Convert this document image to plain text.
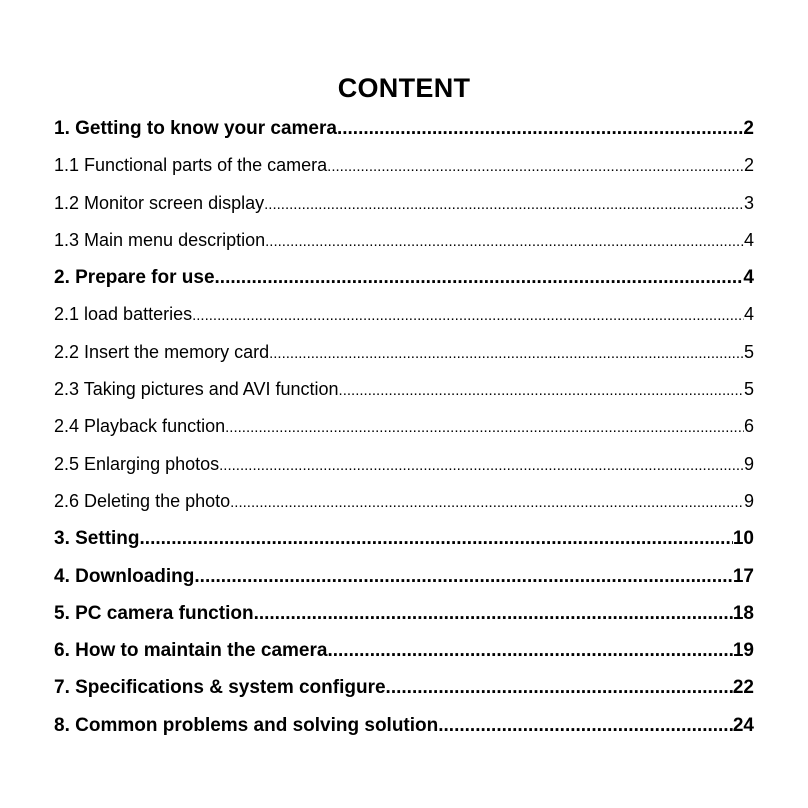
CONTENT
1. Getting to know your camera .....	2
1.1 Functional parts of the camera .....	2
1.2 Monitor screen display .....	3
1.3 Main menu description .....	4
2. Prepare for use .....	4
2.1 load batteries .....	4
2.2 Insert the memory card .....	5
2.3 Taking pictures and AVI function .....	5
2.4 Playback function .....	6
2.5 Enlarging photos .....	9
2.6 Deleting the photo .....	9
3. Setting .....	10
4. Downloading .....	17
5. PC camera function .....	18
6. How to maintain the camera .....	19
7. Specifications & system configure .....	22
8. Common problems and solving solution .....	24
